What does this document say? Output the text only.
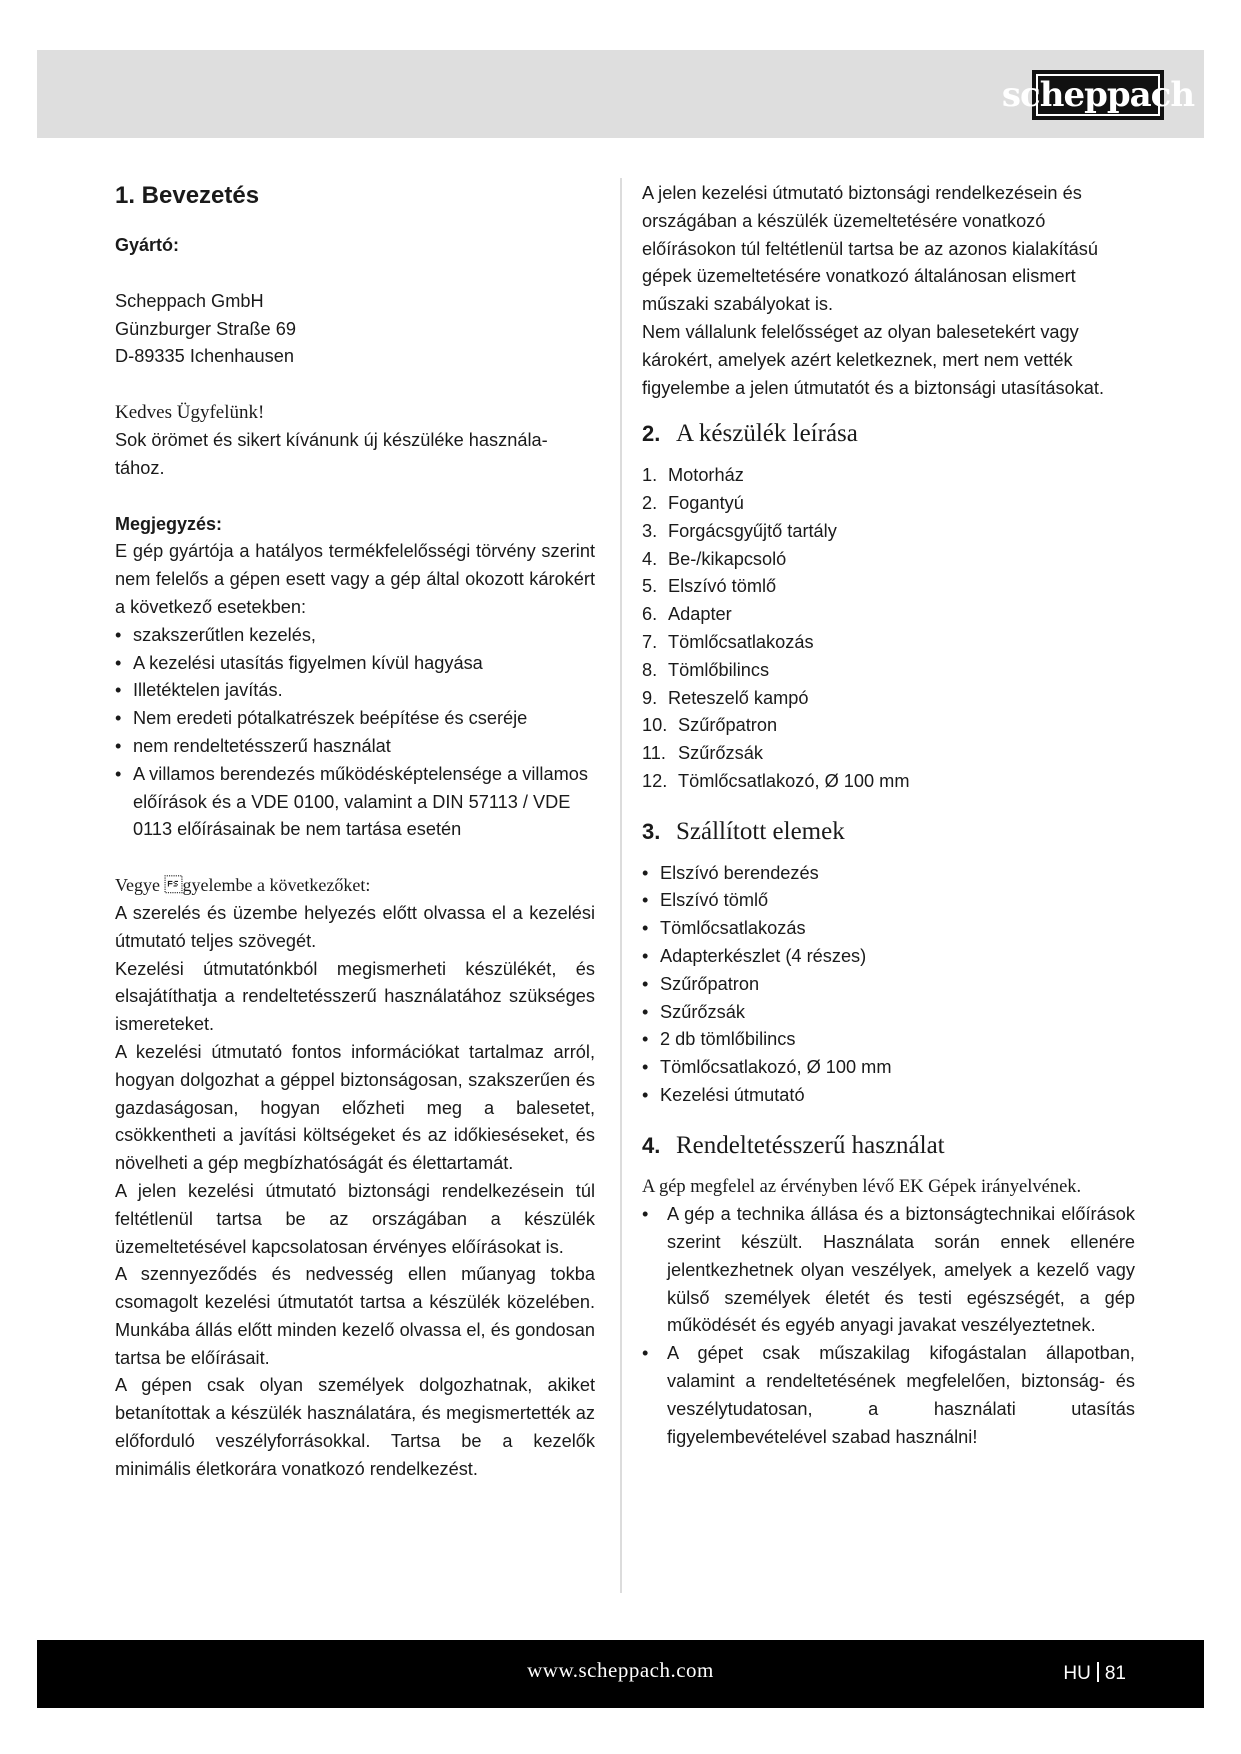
scheppach

1. Bevezetés

Gyártó:

Scheppach GmbH

Günzburger Straße 69

D-89335 Ichenhausen

Kedves Ügyfelünk!

Sok örömet és sikert kívánunk új készüléke használa-

tához.

Megjegyzés:

E gép gyártója a hatályos termékfelelősségi törvény szerint nem felelős a gépen esett vagy a gép által okozott károkért a következő esetekben:

• szakszerűtlen kezelés,
• A kezelési utasítás figyelmen kívül hagyása
• Illetéktelen javítás.
• Nem eredeti pótalkatrészek beépítése és cseréje
• nem rendeltetésszerű használat
• A villamos berendezés működésképtelensége a villamos előírások és a VDE 0100, valamint a DIN 57113 / VDE 0113 előírásainak be nem tartása esetén

Vegye gyelembe a következőket:

A szerelés és üzembe helyezés előtt olvassa el a kezelési útmutató teljes szövegét.

Kezelési útmutatónkból megismerheti készülékét, és elsajátíthatja a rendeltetésszerű használatához szükséges ismereteket.

A kezelési útmutató fontos információkat tartalmaz arról, hogyan dolgozhat a géppel biztonságosan, szakszerűen és gazdaságosan, hogyan előzheti meg a balesetet, csökkentheti a javítási költségeket és az időkieséseket, és növelheti a gép megbízhatóságát és élettartamát.

A jelen kezelési útmutató biztonsági rendelkezésein túl feltétlenül tartsa be az országában a készülék üzemeltetésével kapcsolatosan érvényes előírásokat is.

A szennyeződés és nedvesség ellen műanyag tokba csomagolt kezelési útmutatót tartsa a készülék közelében. Munkába állás előtt minden kezelő olvassa el, és gondosan tartsa be előírásait.

A gépen csak olyan személyek dolgozhatnak, akiket betanítottak a készülék használatára, és megismertették az előforduló veszélyforrásokkal. Tartsa be a kezelők minimális életkorára vonatkozó rendelkezést.

A jelen kezelési útmutató biztonsági rendelkezésein és országában a készülék üzemeltetésére vonatkozó előírásokon túl feltétlenül tartsa be az azonos kialakítású gépek üzemeltetésére vonatkozó általánosan elismert műszaki szabályokat is.

Nem vállalunk felelősséget az olyan balesetekért vagy károkért, amelyek azért keletkeznek, mert nem vették figyelembe a jelen útmutatót és a biztonsági utasításokat.

2. A készülék leírása
1. Motorház
2. Fogantyú
3. Forgácsgyűjtő tartály
4. Be-/kikapcsoló
5. Elszívó tömlő
6. Adapter
7. Tömlőcsatlakozás
8. Tömlőbilincs
9. Reteszelő kampó
10. Szűrőpatron
11. Szűrőzsák
12. Tömlőcsatlakozó, Ø 100 mm
3. Szállított elemek
• Elszívó berendezés
• Elszívó tömlő
• Tömlőcsatlakozás
• Adapterkészlet (4 részes)
• Szűrőpatron
• Szűrőzsák
• 2 db tömlőbilincs
• Tömlőcsatlakozó, Ø 100 mm
• Kezelési útmutató
4. Rendeltetésszerű használat

A gép megfelel az érvényben lévő EK Gépek irányelvének.

• A gép a technika állása és a biztonságtechnikai előírások szerint készült. Használata során ennek ellenére jelentkezhetnek olyan veszélyek, amelyek a kezelő vagy külső személyek életét és testi egészségét, a gép működését és egyéb anyagi javakat veszélyeztetnek.
• A gépet csak műszakilag kifogástalan állapotban, valamint a rendeltetésének megfelelően, biztonság- és veszélytudatosan, a használati utasítás figyelembevételével szabad használni!
www.scheppach.com	HU 81
